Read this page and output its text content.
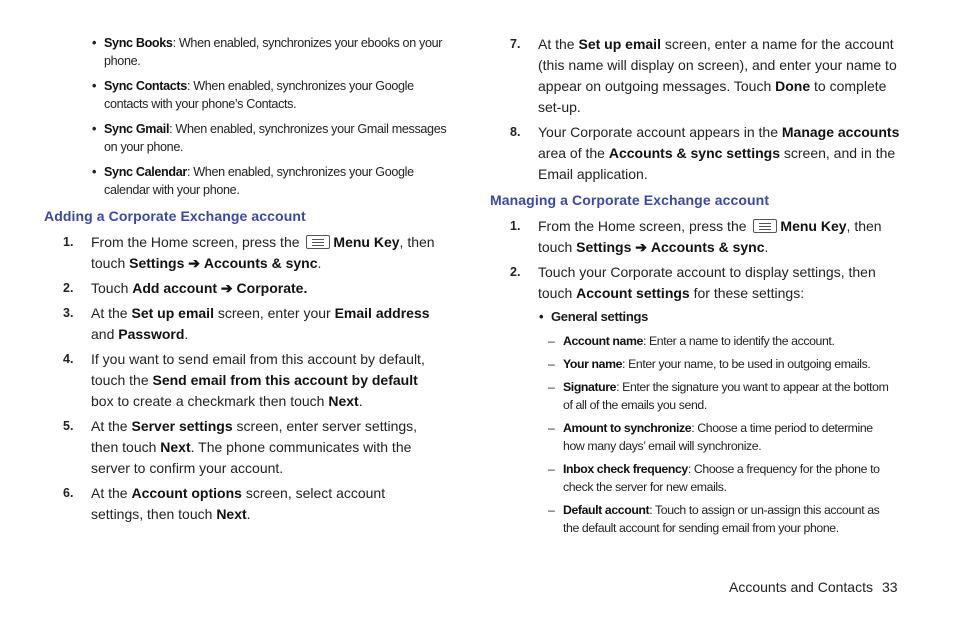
• Sync Books: When enabled, synchronizes your ebooks on your phone.
• Sync Contacts: When enabled, synchronizes your Google contacts with your phone’s Contacts.
• Sync Gmail: When enabled, synchronizes your Gmail messages on your phone.
• Sync Calendar: When enabled, synchronizes your Google calendar with your phone.
Adding a Corporate Exchange account
1. From the Home screen, press the Menu Key, then touch Settings ➔ Accounts & sync.
2. Touch Add account ➔ Corporate.
3. At the Set up email screen, enter your Email address and Password.
4. If you want to send email from this account by default, touch the Send email from this account by default box to create a checkmark then touch Next.
5. At the Server settings screen, enter server settings, then touch Next. The phone communicates with the server to confirm your account.
6. At the Account options screen, select account settings, then touch Next.
7. At the Set up email screen, enter a name for the account (this name will display on screen), and enter your name to appear on outgoing messages. Touch Done to complete set-up.
8. Your Corporate account appears in the Manage accounts area of the Accounts & sync settings screen, and in the Email application.
Managing a Corporate Exchange account
1. From the Home screen, press the Menu Key, then touch Settings ➔ Accounts & sync.
2. Touch your Corporate account to display settings, then touch Account settings for these settings:
• General settings
– Account name: Enter a name to identify the account.
– Your name: Enter your name, to be used in outgoing emails.
– Signature: Enter the signature you want to appear at the bottom of all of the emails you send.
– Amount to synchronize: Choose a time period to determine how many days’ email will synchronize.
– Inbox check frequency: Choose a frequency for the phone to check the server for new emails.
– Default account: Touch to assign or un-assign this account as the default account for sending email from your phone.
Accounts and Contacts 33
